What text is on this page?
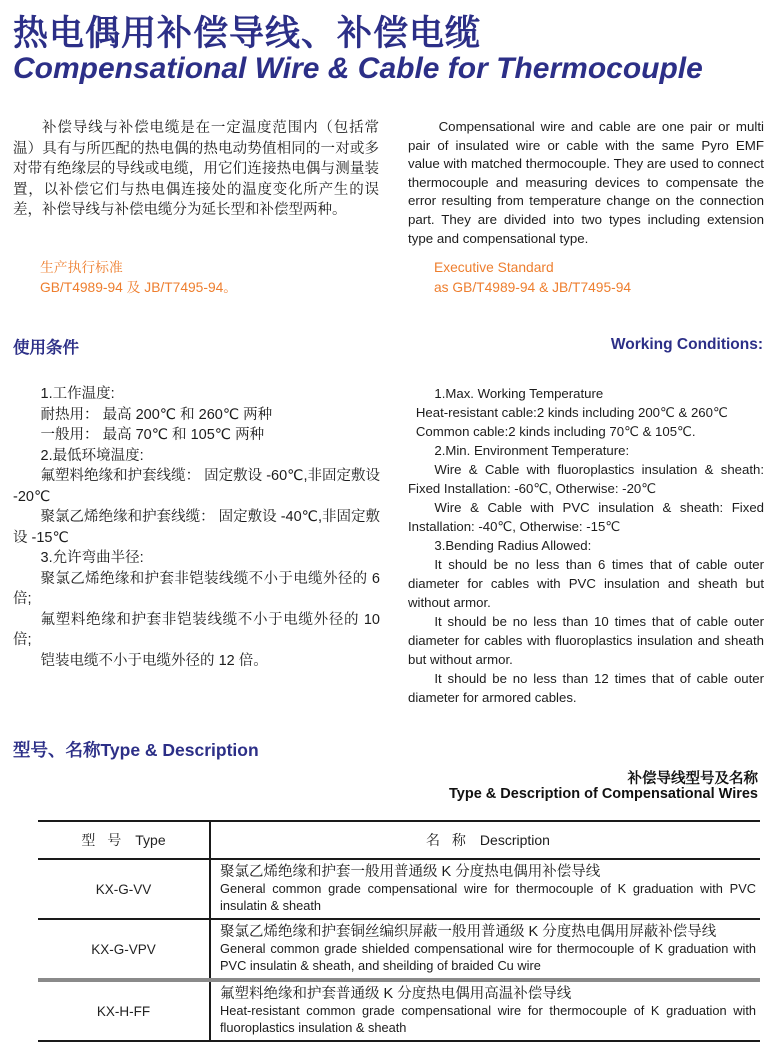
热电偶用补偿导线、补偿电缆
Compensational Wire & Cable for Thermocouple

补偿导线与补偿电缆是在一定温度范围内（包括常温）具有与所匹配的热电偶的热电动势值相同的一对或多对带有绝缘层的导线或电缆，用它们连接热电偶与测量装置，以补偿它们与热电偶连接处的温度变化所产生的误差，补偿导线与补偿电缆分为延长型和补偿型两种。

Compensational wire and cable are one pair or multi pair of insulated wire or cable with the same Pyro EMF value with matched thermocouple. They are used to connect thermocouple and measuring devices to compensate the error resulting from temperature change on the connection part. They are divided into two types including extension type and compensational type.

生产执行标准
GB/T4989-94 及 JB/T7495-94。
Executive Standard
as GB/T4989-94 & JB/T7495-94
使用条件	Working Conditions:

1.工作温度:

耐热用： 最高 200℃ 和 260℃ 两种

一般用： 最高 70℃ 和 105℃ 两种

2.最低环境温度:

氟塑料绝缘和护套线缆： 固定敷设 -60℃,非固定敷设 -20℃

聚氯乙烯绝缘和护套线缆： 固定敷设 -40℃,非固定敷设 -15℃

3.允许弯曲半径:

聚氯乙烯绝缘和护套非铠装线缆不小于电缆外径的 6 倍;

氟塑料绝缘和护套非铠装线缆不小于电缆外径的 10 倍;

铠装电缆不小于电缆外径的 12 倍。

1.Max. Working Temperature

Heat-resistant cable:2 kinds including 200℃ & 260℃

Common cable:2 kinds including 70℃ & 105℃.

2.Min. Environment Temperature:

Wire & Cable with fluoroplastics insulation & sheath: Fixed Installation: -60℃, Otherwise: -20℃

Wire & Cable with PVC insulation & sheath: Fixed Installation: -40℃, Otherwise: -15℃

3.Bending Radius Allowed:

It should be no less than 6 times that of cable outer diameter for cables with PVC insulation and sheath but without armor.

It should be no less than 10 times that of cable outer diameter for cables with fluoroplastics insulation and sheath but without armor.

It should be no less than 12 times that of cable outer diameter for armored cables.

型号、名称Type & Description
补偿导线型号及名称
Type & Description of Compensational Wires
型 号 Type	名 称 Description
KX-G-VV

聚氯乙烯绝缘和护套一般用普通级 K 分度热电偶用补偿导线

General common grade compensational wire for thermocouple of K graduation with PVC insulatin & sheath

KX-G-VPV

聚氯乙烯绝缘和护套铜丝编织屏蔽一般用普通级 K 分度热电偶用屏蔽补偿导线

General common grade shielded compensational wire for thermocouple of K graduation with PVC insulatin & sheath, and sheilding of braided Cu wire

KX-H-FF

氟塑料绝缘和护套普通级 K 分度热电偶用高温补偿导线

Heat-resistant common grade compensational wire for thermocouple of K graduation with fluoroplastics insulation & sheath
